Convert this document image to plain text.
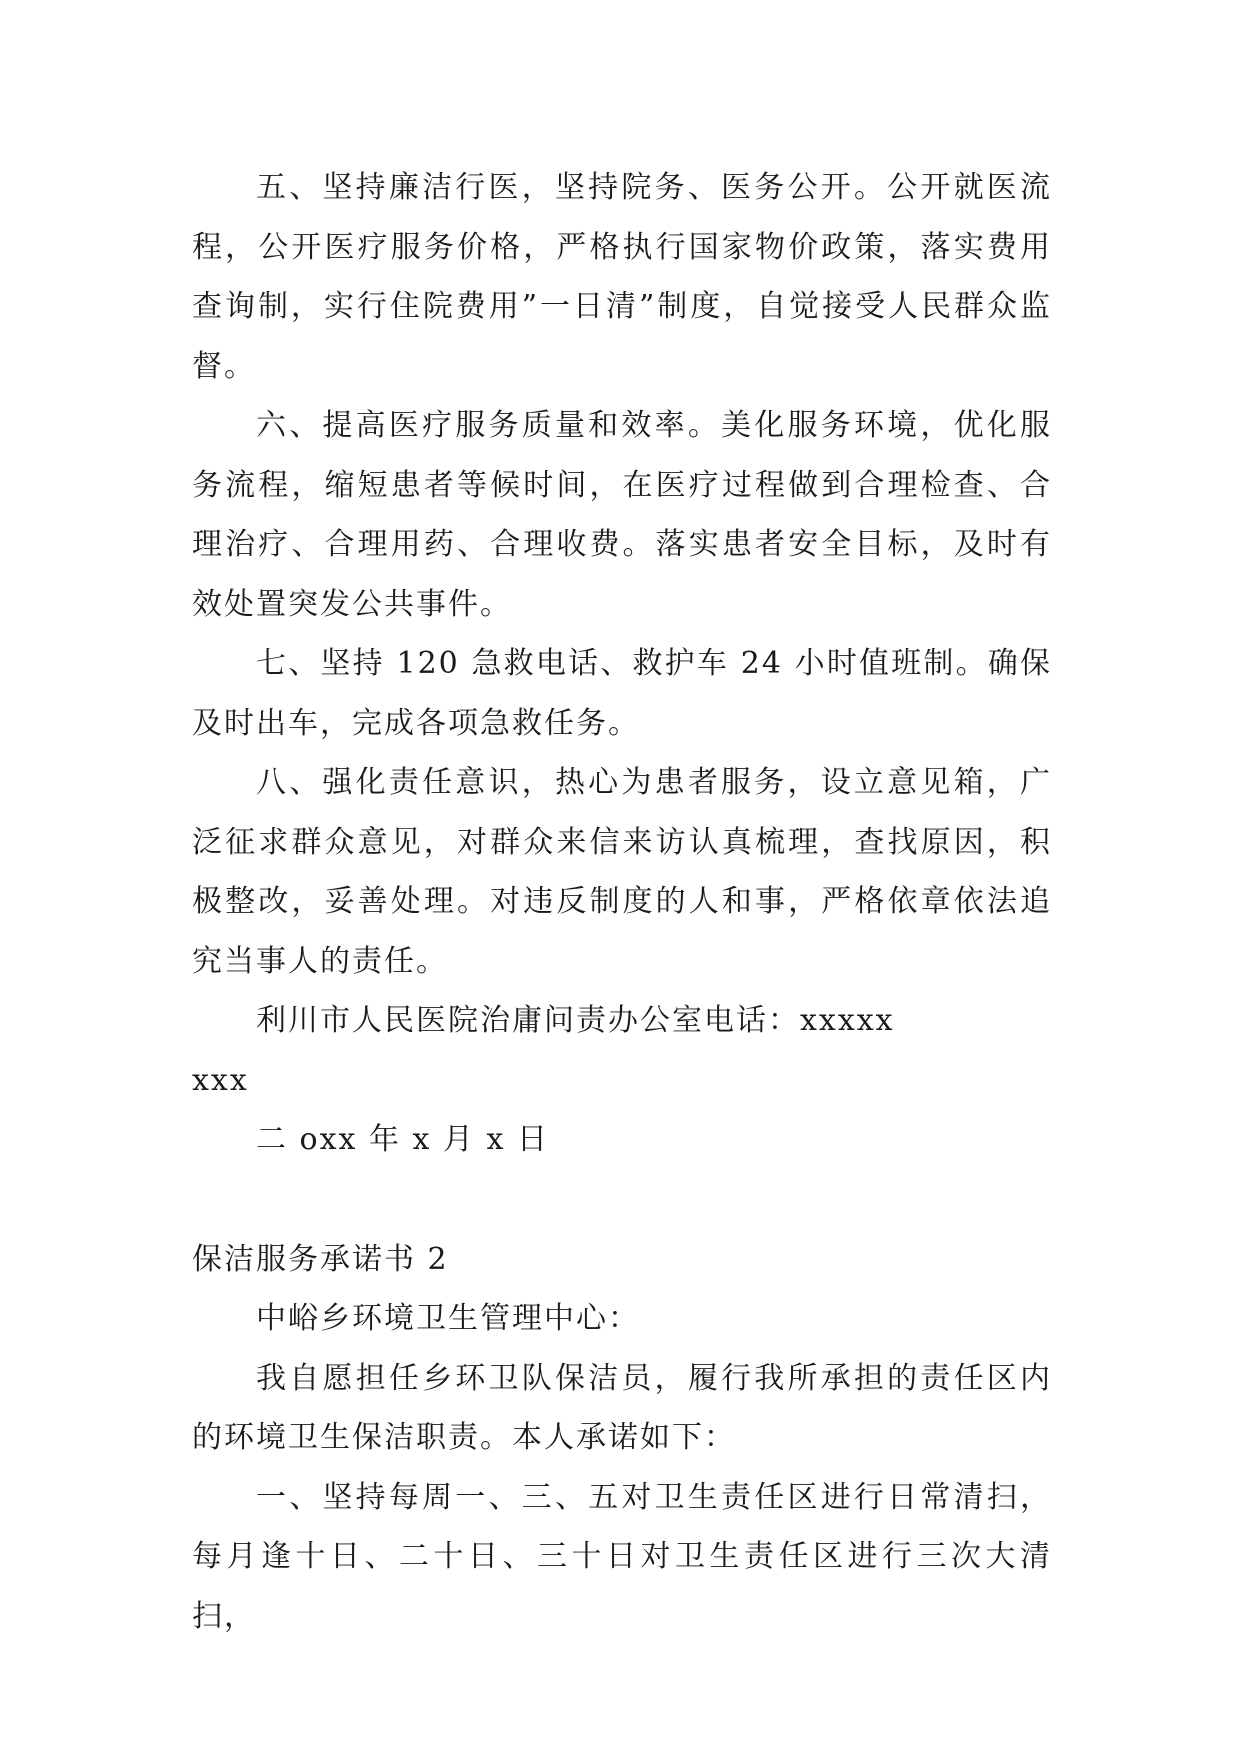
五、坚持廉洁行医，坚持院务、医务公开。公开就医流程，公开医疗服务价格，严格执行国家物价政策，落实费用查询制，实行住院费用”一日清”制度，自觉接受人民群众监督。

六、提高医疗服务质量和效率。美化服务环境，优化服务流程，缩短患者等候时间，在医疗过程做到合理检查、合理治疗、合理用药、合理收费。落实患者安全目标，及时有效处置突发公共事件。

七、坚持 120 急救电话、救护车 24 小时值班制。确保及时出车，完成各项急救任务。

八、强化责任意识，热心为患者服务，设立意见箱，广泛征求群众意见，对群众来信来访认真梳理，查找原因，积极整改，妥善处理。对违反制度的人和事，严格依章依法追究当事人的责任。

利川市人民医院治庸问责办公室电话：xxxxx

xxx

二 oxx 年 x 月 x 日

保洁服务承诺书 2

中峪乡环境卫生管理中心：

我自愿担任乡环卫队保洁员，履行我所承担的责任区内的环境卫生保洁职责。本人承诺如下：

一、坚持每周一、三、五对卫生责任区进行日常清扫，每月逢十日、二十日、三十日对卫生责任区进行三次大清扫，
